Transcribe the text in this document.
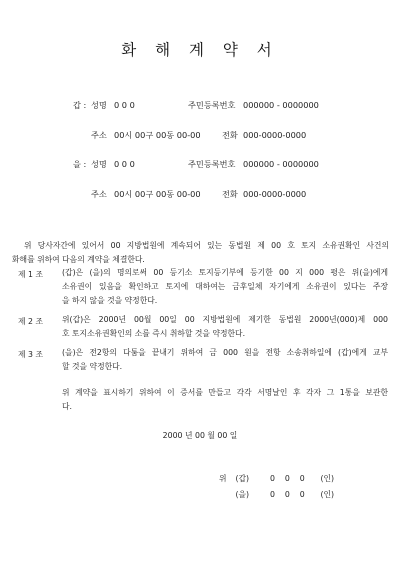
화 해 계 약 서
갑 : 성명 0 0 0	주민등록번호 000000 - 0000000
주소 00시 00구 00동 00-00	전화 000-0000-0000
을 : 성명 0 0 0	주민등록번호 000000 - 0000000
주소 00시 00구 00동 00-00	전화 000-0000-0000
위 당사자간에 있어서 00 지방법원에 계속되어 있는 동법원 제 00 호 토지 소유권확인 사건의
화해를 위하여 다음의 계약을 체결한다.
제 1 조 (갑)은 (을)의 명의로써 00 등기소 토지등기부에 등기한 00 지 000 평은 위(을)에게
소유권이 있음을 확인하고 토지에 대하여는 금후일체 자기에게 소유권이 있다는 주장
을 하지 않을 것을 약정한다.
제 2 조 위(갑)은 2000년 00월 00일 00 지방법원에 제기한 동법원 2000년(000)제 000
호 토지소유권확인의 소를 즉시 취하할 것을 약정한다.
제 3 조 (을)은 전2항의 다툼을 끝내기 위하여 금 000 원을 전항 소송취하일에 (갑)에게 교부
할 것을 약정한다.
위 계약을 표시하기 위하여 이 증서를 만들고 각각 서명날인 후 각자 그 1통을 보관한
다.
2000 년 00 월 00 일
위 (갑)	0    0    0 (인)
(을)	0    0    0 (인)
